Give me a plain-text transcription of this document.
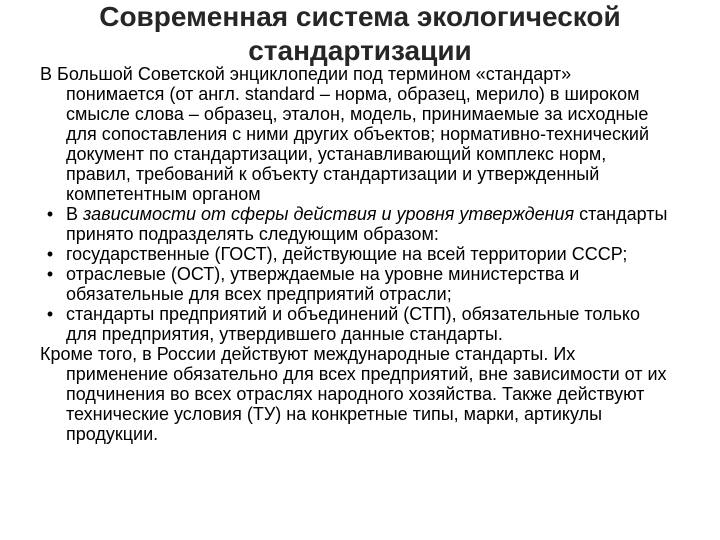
Современная система экологической
стандартизации

В Большой Советской энциклопедии под термином «стандарт» понимается (от англ. standard – норма, образец, мерило) в широком смысле слова – образец, эталон, модель, принимаемые за исходные для сопоставления с ними других объектов; нормативно-технический документ по стандартизации, устанавливающий комплекс норм, правил, требований к объекту стандартизации и утвержденный компетентным органом

• В зависимости от сферы действия и уровня утверждения стандарты принято подразделять следующим образом:

• государственные (ГОСТ), действующие на всей территории СССР;

• отраслевые (ОСТ), утверждаемые на уровне министерства и обязательные для всех предприятий отрасли;

• стандарты предприятий и объединений (СТП), обязательные только для предприятия, утвердившего данные стандарты.

Кроме того, в России действуют международные стандарты. Их применение обязательно для всех предприятий, вне зависимости от их подчинения во всех отраслях народного хозяйства. Также действуют технические условия (ТУ) на конкретные типы, марки, артикулы продукции.
